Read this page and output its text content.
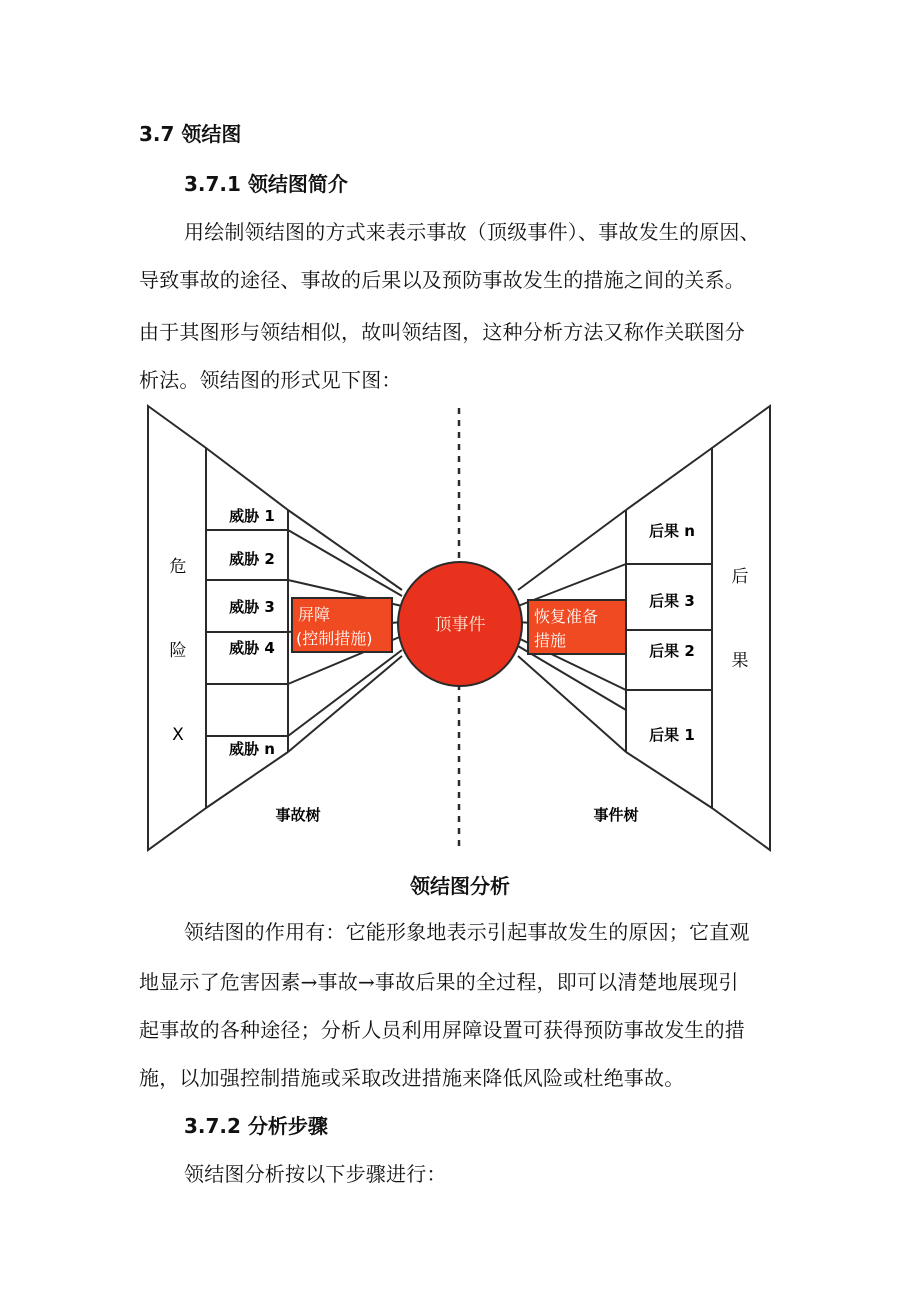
3.7 领结图
3.7.1 领结图简介
用绘制领结图的方式来表示事故（顶级事件）、事故发生的原因、
导致事故的途径、事故的后果以及预防事故发生的措施之间的关系。
由于其图形与领结相似，故叫领结图，这种分析方法又称作关联图分
析法。领结图的形式见下图：
屏障
(控制措施)
恢复准备
措施
顶事件
危
险
X
后
果
威胁 1
威胁 2
威胁 3
威胁 4
威胁 n
后果 n
后果 3
后果 2
后果 1
事故树	事件树
领结图分析
领结图的作用有：它能形象地表示引起事故发生的原因；它直观
地显示了危害因素→事故→事故后果的全过程，即可以清楚地展现引
起事故的各种途径；分析人员利用屏障设置可获得预防事故发生的措
施，以加强控制措施或采取改进措施来降低风险或杜绝事故。
3.7.2 分析步骤
领结图分析按以下步骤进行：
